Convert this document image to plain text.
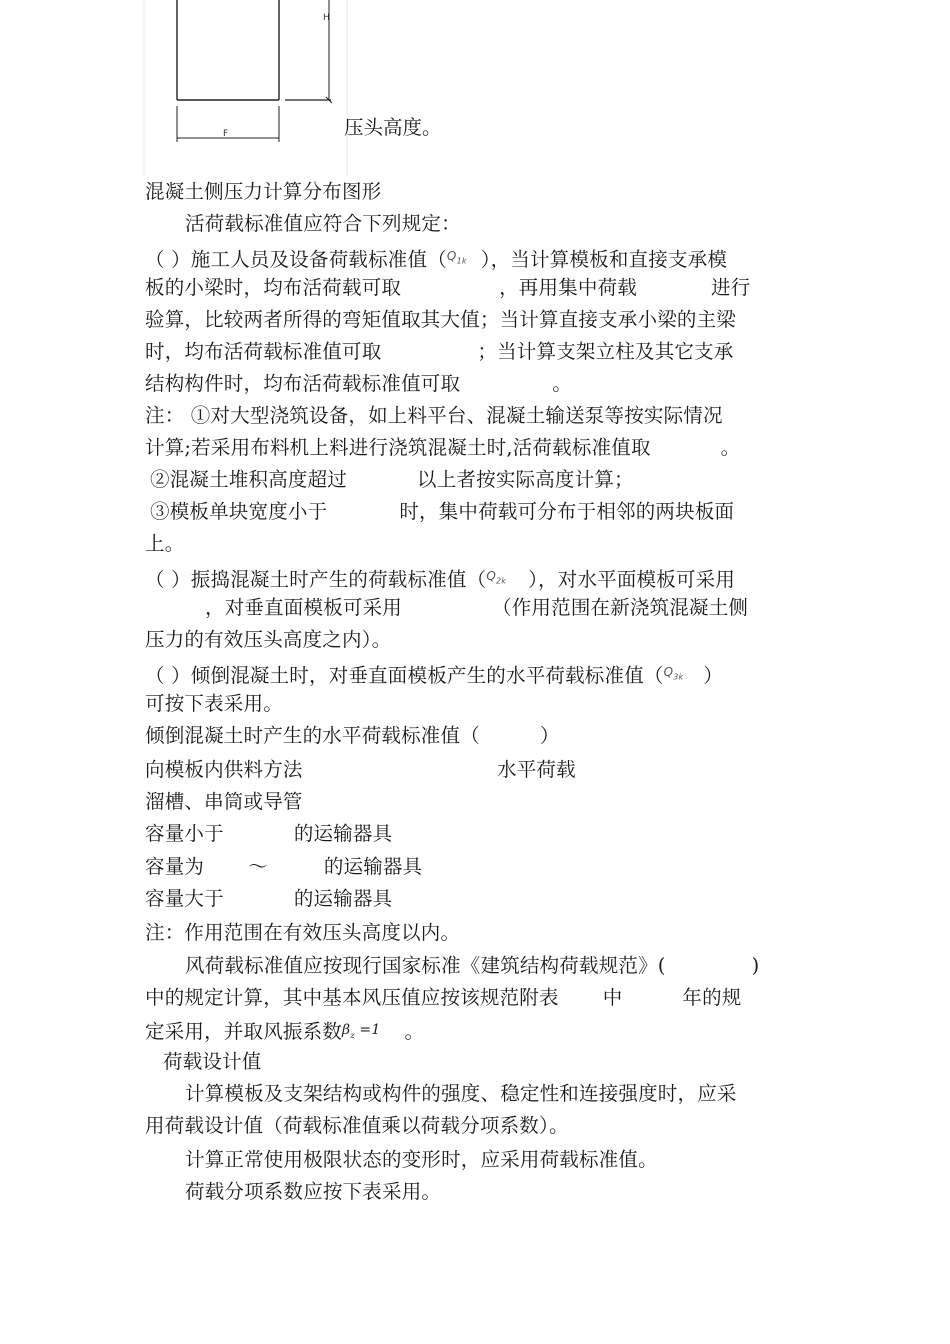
H
F	压头高度。
混凝土侧压力计算分布图形
活荷载标准值应符合下列规定：
（ ）施工人员及设备荷载标准值（$^{Q_{1k}}$ ），当计算模板和直接支承模
板的小梁时，均布活荷载可取	，再用集中荷载	进行
验算，比较两者所得的弯矩值取其大值；当计算直接支承小梁的主梁
时，均布活荷载标准值可取	；当计算支架立柱及其它支承
结构构件时，均布活荷载标准值可取	。
注： ①对大型浇筑设备，如上料平台、混凝土输送泵等按实际情况
计算;若采用布料机上料进行浇筑混凝土时,活荷载标准值取	。
②混凝土堆积高度超过	以上者按实际高度计算；
③模板单块宽度小于	时，集中荷载可分布于相邻的两块板面
上。
（ ）振捣混凝土时产生的荷载标准值（$^{Q_{2k}}$ ），对水平面模板可采用
，对垂直面模板可采用	（作用范围在新浇筑混凝土侧
压力的有效压头高度之内）。
（ ）倾倒混凝土时，对垂直面模板产生的水平荷载标准值（$^{Q_{3k}}$ ）
可按下表采用。
倾倒混凝土时产生的水平荷载标准值（	）
向模板内供料方法	水平荷载
溜槽、串筒或导管
容量小于	的运输器具
容量为 ～	的运输器具
容量大于	的运输器具
注：作用范围在有效压头高度以内。
风荷载标准值应按现行国家标准《建筑结构荷载规范》(	)
中的规定计算，其中基本风压值应按该规范附表 中	年的规
定采用，并取风振系数$^{\beta_z =1}$ 。
荷载设计值
计算模板及支架结构或构件的强度、稳定性和连接强度时，应采
用荷载设计值（荷载标准值乘以荷载分项系数）。
计算正常使用极限状态的变形时，应采用荷载标准值。
荷载分项系数应按下表采用。
